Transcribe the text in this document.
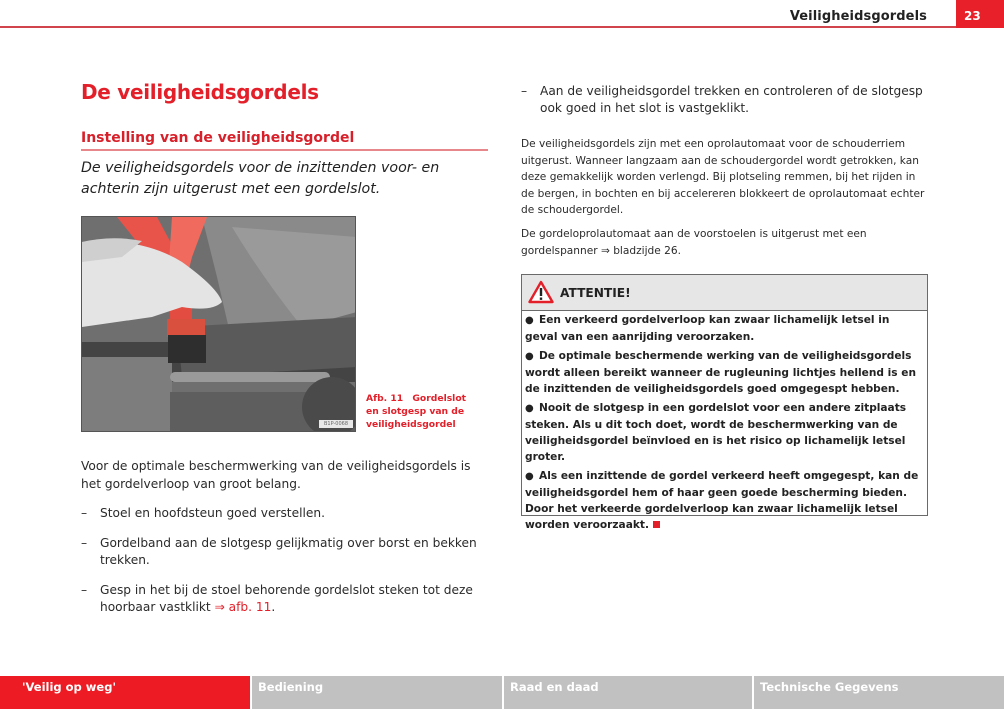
Veiligheidsgordels	23
De veiligheidsgordels
Instelling van de veiligheidsgordel

De veiligheidsgordels voor de inzittenden voor- en achterin zijn uitgerust met een gordelslot.

B1P-0068
Afb. 11 Gordelslot en slotgesp van de veiligheidsgordel

Voor de optimale beschermwerking van de veiligheidsgordels is het gordelverloop van groot belang.

– Stoel en hoofdsteun goed verstellen.
– Gordelband aan de slotgesp gelijkmatig over borst en bekken trekken.
– Gesp in het bij de stoel behorende gordelslot steken tot deze hoorbaar vastklikt ⇒ afb. 11.
– Aan de veiligheidsgordel trekken en controleren of de slotgesp ook goed in het slot is vastgeklikt.

De veiligheidsgordels zijn met een oprolautomaat voor de schouderriem uitgerust. Wanneer langzaam aan de schoudergordel wordt getrokken, kan deze gemakkelijk worden verlengd. Bij plotseling remmen, bij het rijden in de bergen, in bochten en bij accelereren blokkeert de oprolautomaat echter de schoudergordel.

De gordeloprolautomaat aan de voorstoelen is uitgerust met een gordelspanner ⇒ bladzijde 26.

ATTENTIE!
● Een verkeerd gordelverloop kan zwaar lichamelijk letsel in geval van een aanrijding veroorzaken.
● De optimale beschermende werking van de veiligheidsgordels wordt alleen bereikt wanneer de rugleuning lichtjes hellend is en de inzittenden de veiligheidsgordels goed omgegespt hebben.
● Nooit de slotgesp in een gordelslot voor een andere zitplaats steken. Als u dit toch doet, wordt de beschermwerking van de veiligheidsgordel beïnvloed en is het risico op lichamelijk letsel groter.
● Als een inzittende de gordel verkeerd heeft omgegespt, kan de veiligheidsgordel hem of haar geen goede bescherming bieden. Door het verkeerde gordelverloop kan zwaar lichamelijk letsel worden veroorzaakt.
'Veilig op weg'	Bediening	Raad en daad	Technische Gegevens
